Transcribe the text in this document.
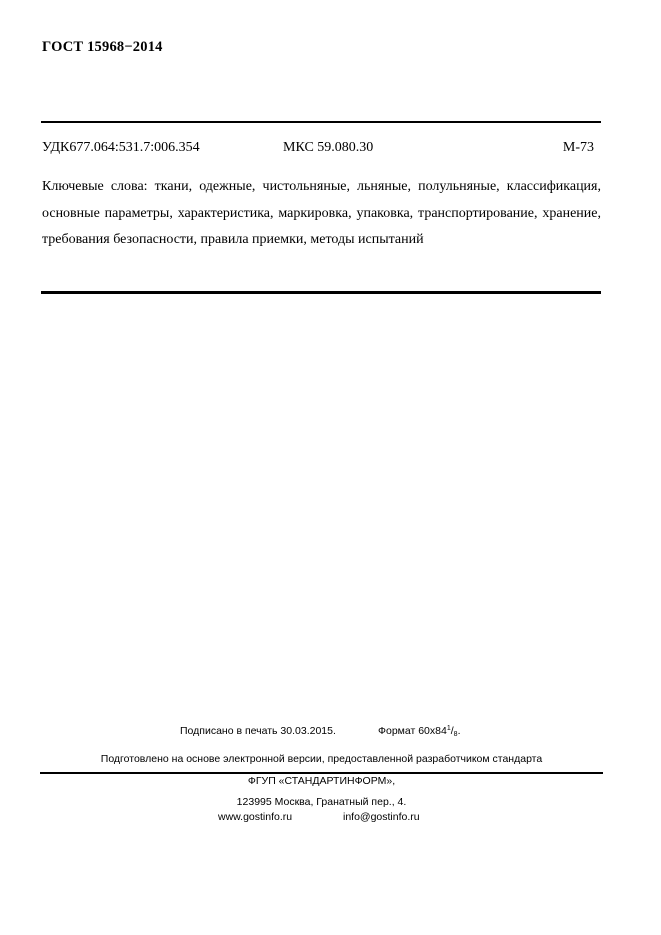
ГОСТ 15968−2014
УДК677.064:531.7:006.354	МКС 59.080.30	М-73

Ключевые слова: ткани, одежные, чистольняные, льняные, полульняные, классификация, основные параметры, характеристика, маркировка, упаковка, транспортирование, хранение, требования безопасности, правила приемки, методы испытаний

Подписано в печать 30.03.2015.	Формат $60x84^1/_8$.
Подготовлено на основе электронной версии, предоставленной разработчиком стандарта
ФГУП «СТАНДАРТИНФОРМ»,
123995 Москва, Гранатный пер., 4.
www.gostinfo.ru	info@gostinfo.ru
